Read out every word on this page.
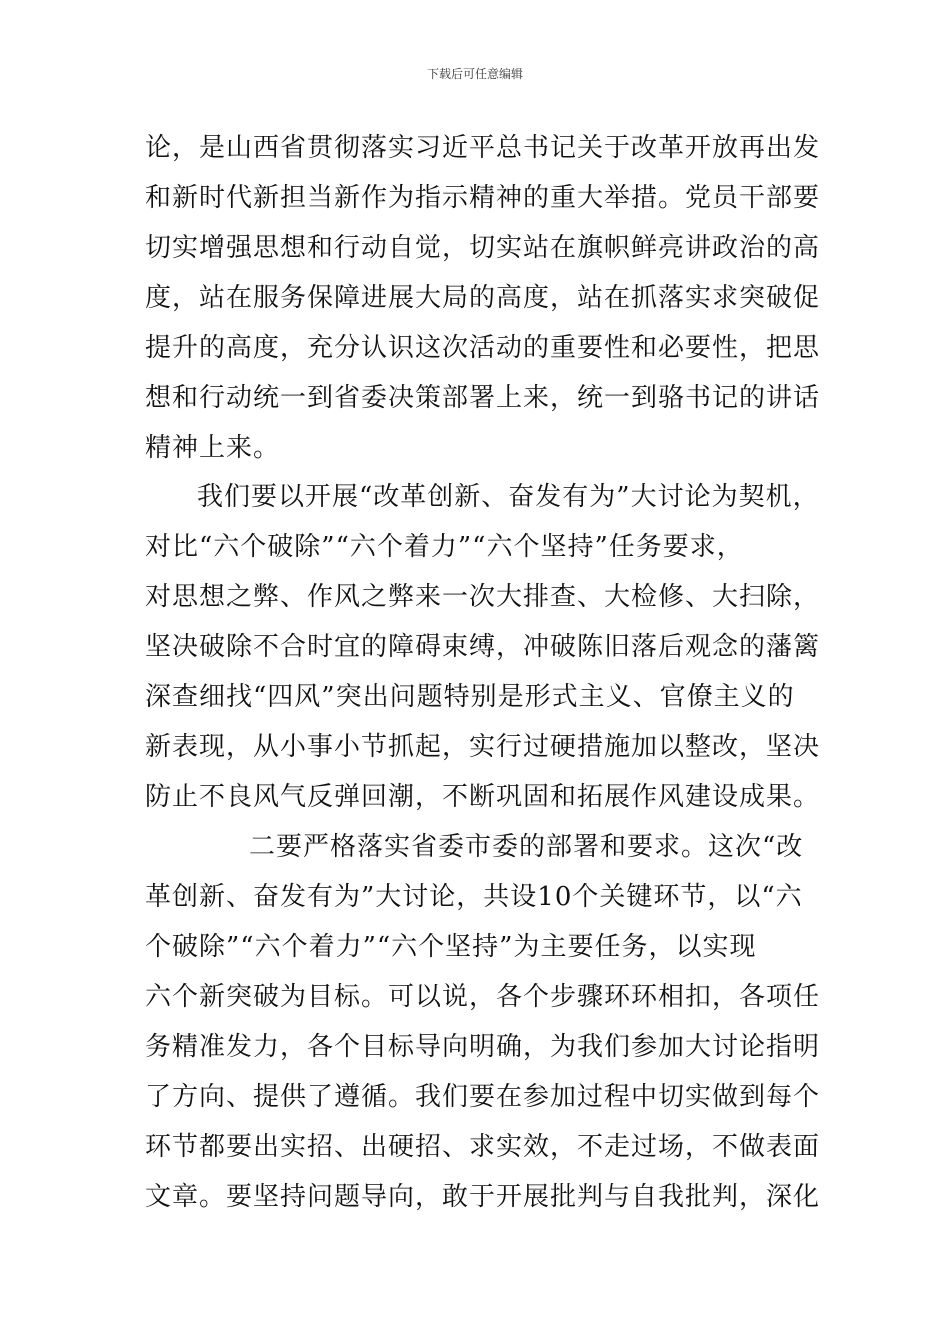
下载后可任意编辑
论，是山西省贯彻落实习近平总书记关于改革开放再出发
和新时代新担当新作为指示精神的重大举措。党员干部要
切实增强思想和行动自觉，切实站在旗帜鲜亮讲政治的高
度，站在服务保障进展大局的高度，站在抓落实求突破促
提升的高度，充分认识这次活动的重要性和必要性，把思
想和行动统一到省委决策部署上来，统一到骆书记的讲话
精神上来。
我们要以开展“改革创新、奋发有为”大讨论为契机，
对比“六个破除”“六个着力”“六个坚持”任务要求，
对思想之弊、作风之弊来一次大排查、大检修、大扫除，
坚决破除不合时宜的障碍束缚，冲破陈旧落后观念的藩篱
深查细找“四风”突出问题特别是形式主义、官僚主义的
新表现，从小事小节抓起，实行过硬措施加以整改，坚决
防止不良风气反弹回潮，不断巩固和拓展作风建设成果。
二要严格落实省委市委的部署和要求。这次“改
革创新、奋发有为”大讨论，共设10个关键环节，以“六
个破除”“六个着力”“六个坚持”为主要任务，以实现
六个新突破为目标。可以说，各个步骤环环相扣，各项任
务精准发力，各个目标导向明确，为我们参加大讨论指明
了方向、提供了遵循。我们要在参加过程中切实做到每个
环节都要出实招、出硬招、求实效，不走过场，不做表面
文章。要坚持问题导向，敢于开展批判与自我批判，深化
